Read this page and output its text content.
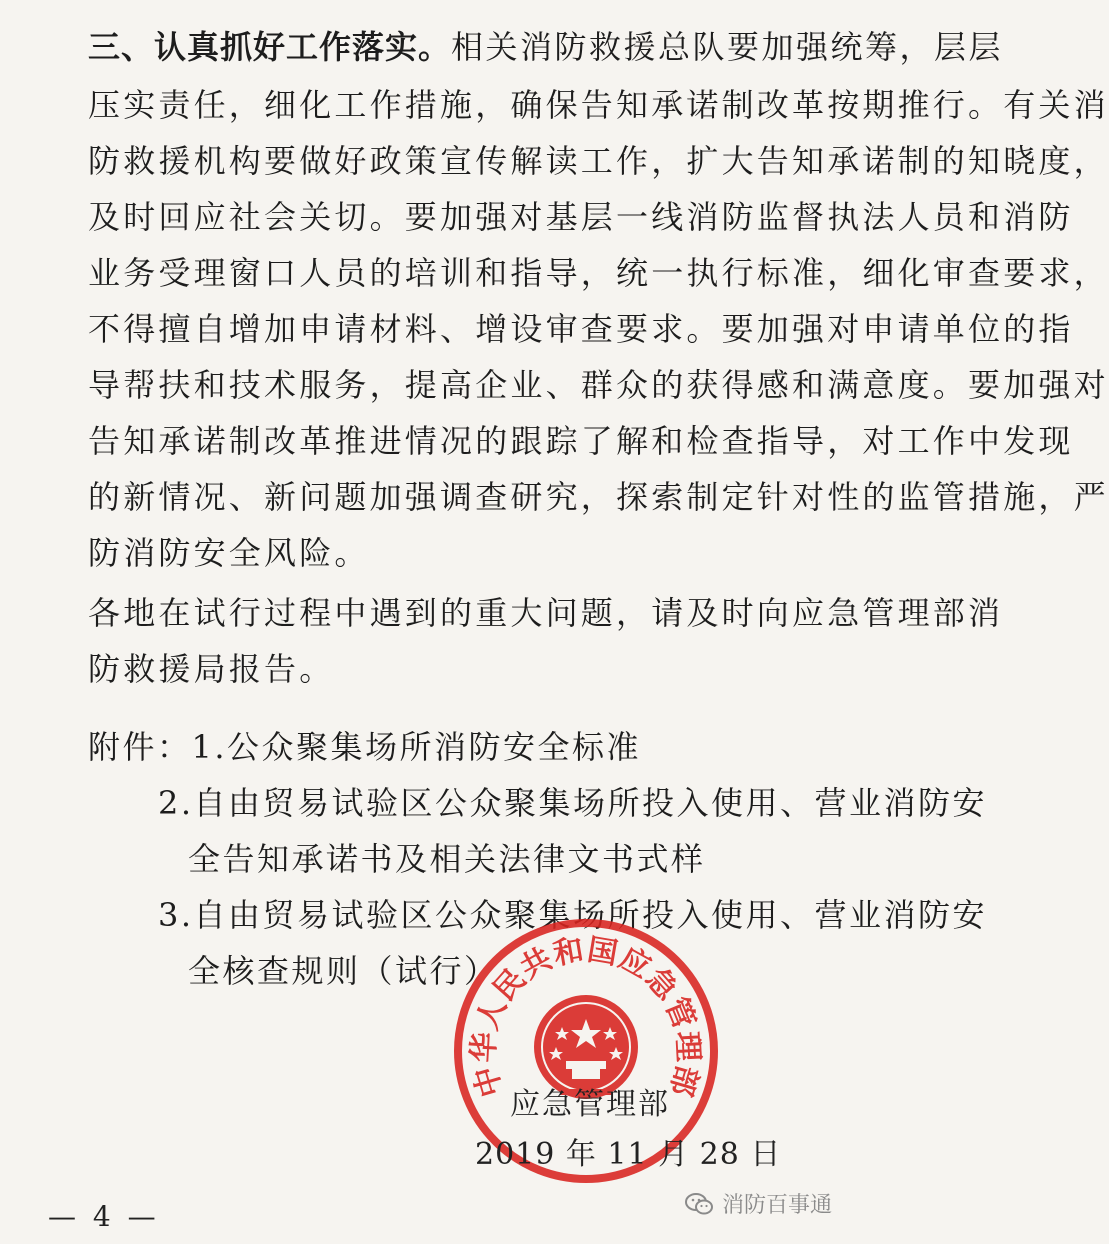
三、认真抓好工作落实。相关消防救援总队要加强统筹，层层
压实责任，细化工作措施，确保告知承诺制改革按期推行。有关消
防救援机构要做好政策宣传解读工作，扩大告知承诺制的知晓度，
及时回应社会关切。要加强对基层一线消防监督执法人员和消防
业务受理窗口人员的培训和指导，统一执行标准，细化审查要求，
不得擅自增加申请材料、增设审查要求。要加强对申请单位的指
导帮扶和技术服务，提高企业、群众的获得感和满意度。要加强对
告知承诺制改革推进情况的跟踪了解和检查指导，对工作中发现
的新情况、新问题加强调查研究，探索制定针对性的监管措施，严
防消防安全风险。
各地在试行过程中遇到的重大问题，请及时向应急管理部消
防救援局报告。
附件：1.公众聚集场所消防安全标准
2.自由贸易试验区公众聚集场所投入使用、营业消防安
全告知承诺书及相关法律文书式样
3.自由贸易试验区公众聚集场所投入使用、营业消防安
全核查规则（试行）
中华人民共和国应急管理部
应急管理部
2019 年 11 月 28 日
— 4 —	消防百事通
